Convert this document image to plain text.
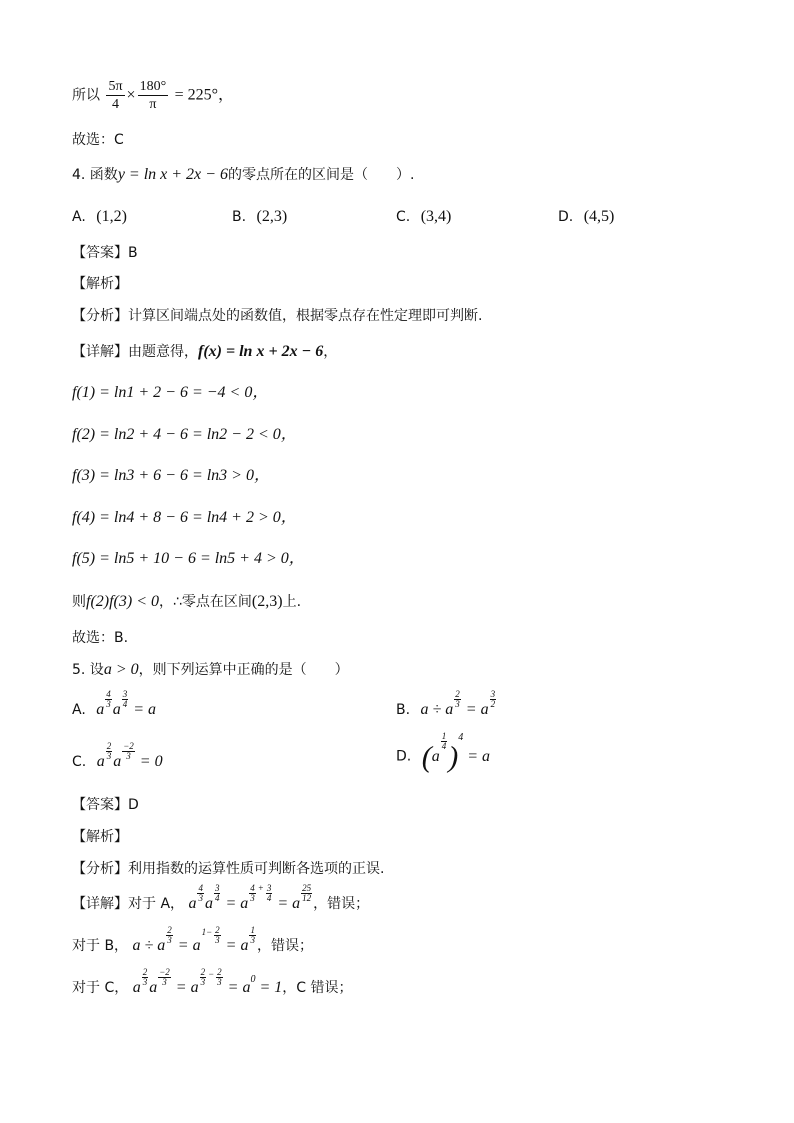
所以 $\frac{5\pi}{4} \times \frac{180^\circ}{\pi} = 225^\circ$，
故选：C
4. 函数y = ln x + 2x − 6的零点所在的区间是（　　）.
A. (1,2)	B. (2,3)	C. (3,4)	D. (4,5)
【答案】B
【解析】
【分析】计算区间端点处的函数值，根据零点存在性定理即可判断.
【详解】由题意得，f(x) = ln x + 2x − 6，
f(1) = ln1 + 2 − 6 = −4 < 0，
f(2) = ln2 + 4 − 6 = ln2 − 2 < 0，
f(3) = ln3 + 6 − 6 = ln3 > 0，
f(4) = ln4 + 8 − 6 = ln4 + 2 > 0，
f(5) = ln5 + 10 − 6 = ln5 + 4 > 0，
则f(2)f(3) < 0，∴零点在区间(2,3)上.
故选：B.
5. 设a > 0，则下列运算中正确的是（　　）
A. a
$\frac{4}{3}$
a
$\frac{3}{4}$
= a	B. a ÷ a
$\frac{2}{3}$
= a
$\frac{3}{2}$
C. a
$\frac{2}{3}$
a
$\frac{-2}{3}$
= 0	D. (a
$\frac{1}{4} )^4 = a$
【答案】D
【解析】
【分析】利用指数的运算性质可判断各选项的正误.
【详解】对于 A， a
$\frac{4}{3}$
a
$\frac{3}{4}$
= a
$\frac{4}{3} + \frac{3}{4}$
= a
$\frac{25}{12}$
，错误；
对于 B， a ÷ a
$\frac{2}{3}$
= $a1- \frac{2}{3}$
= a
$\frac{1}{3}$
，错误；
对于 C， a
$\frac{2}{3}$
a
$\frac{-2}{3}$
= a
$\frac{2}{3} - \frac{2}{3}$
= $a^0 = 1$，C 错误；
